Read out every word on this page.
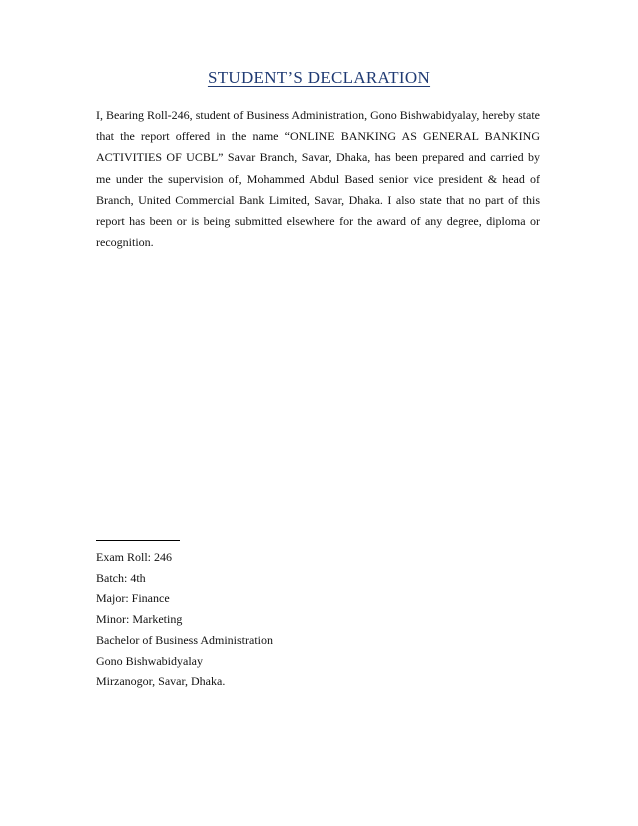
STUDENT’S DECLARATION

I, Bearing Roll-246, student of Business Administration, Gono Bishwabidyalay, hereby state that the report offered in the name “ONLINE BANKING AS GENERAL BANKING ACTIVITIES OF UCBL” Savar Branch, Savar, Dhaka, has been prepared and carried by me under the supervision of, Mohammed Abdul Based senior vice president & head of Branch, United Commercial Bank Limited, Savar, Dhaka. I also state that no part of this report has been or is being submitted elsewhere for the award of any degree, diploma or recognition.

Exam Roll: 246
Batch: 4th
Major: Finance
Minor: Marketing
Bachelor of Business Administration
Gono Bishwabidyalay
Mirzanogor, Savar, Dhaka.
